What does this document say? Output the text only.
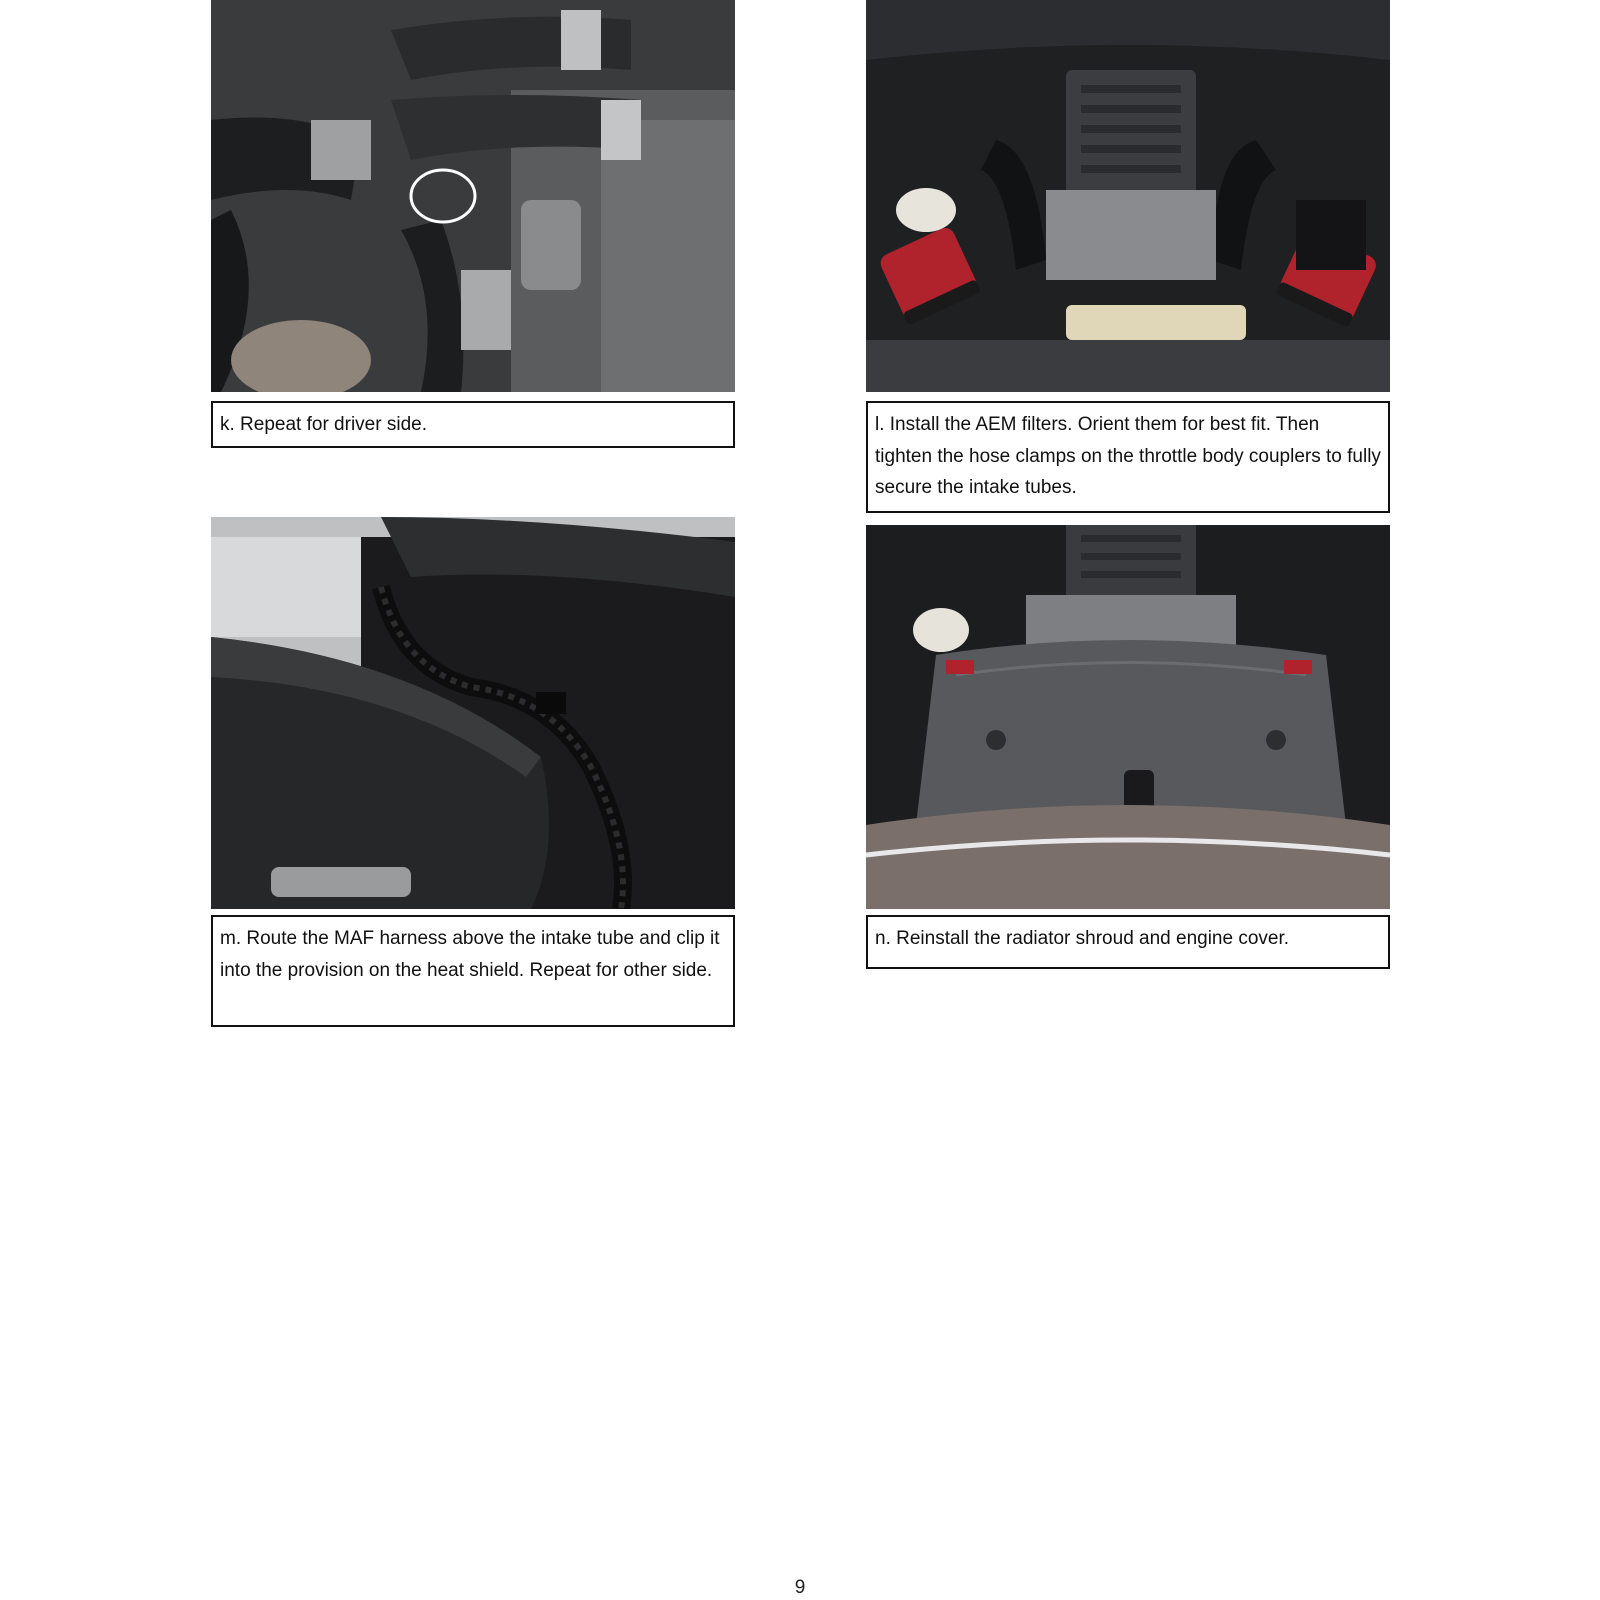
k. Repeat for driver side.	l. Install the AEM filters. Orient them for best fit. Then tighten the hose clamps on the throttle body couplers to fully secure the intake tubes.
m. Route the MAF harness above the intake tube and clip it into the provision on the heat shield. Repeat for other side.
n. Reinstall the radiator shroud and engine cover.
9
